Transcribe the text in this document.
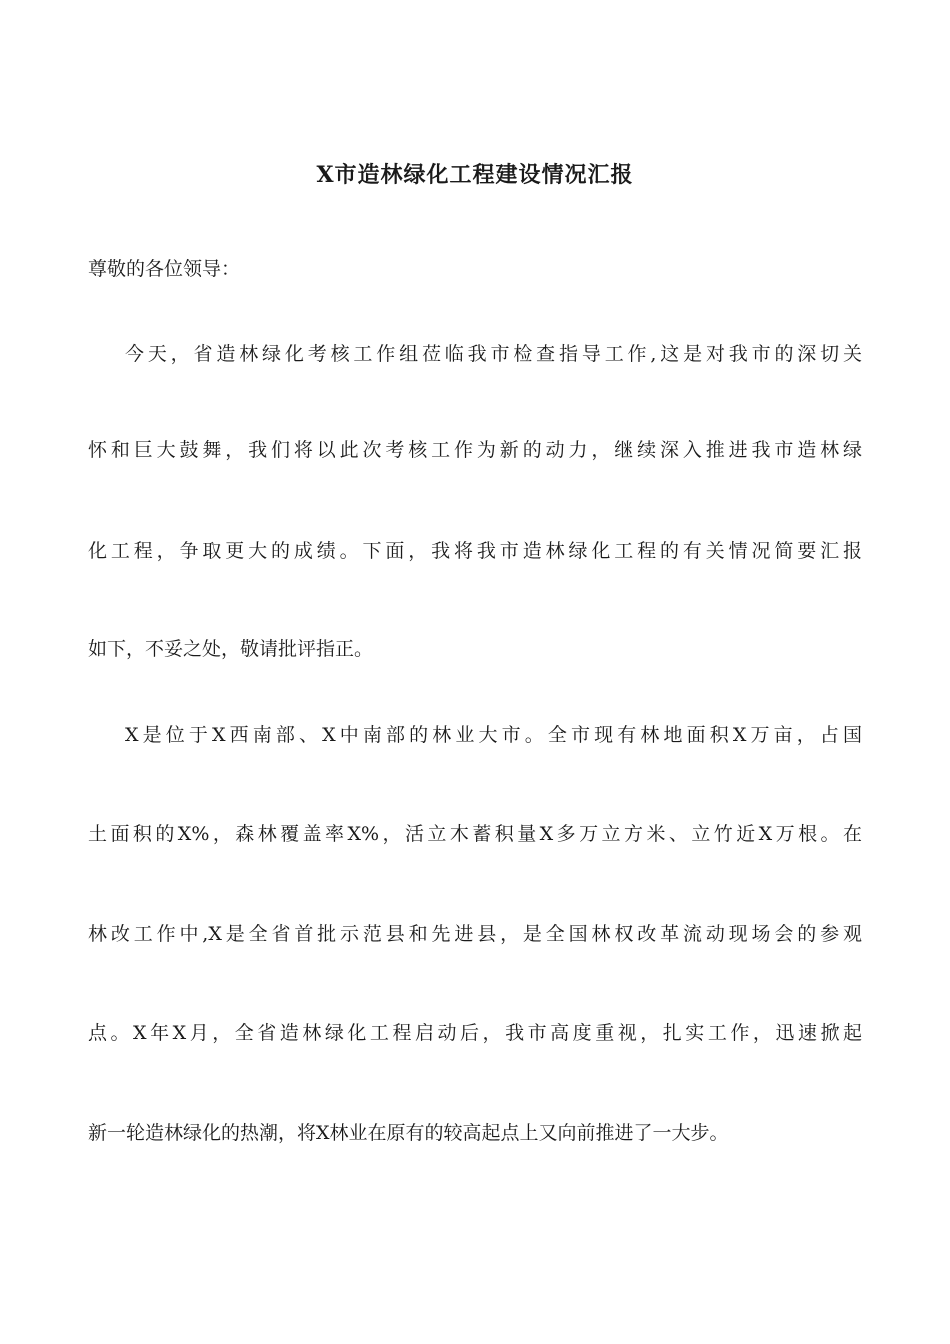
X市造林绿化工程建设情况汇报

尊敬的各位领导：

今天，省造林绿化考核工作组莅临我市检查指导工作,这是对我市的深切关

怀和巨大鼓舞，我们将以此次考核工作为新的动力，继续深入推进我市造林绿

化工程，争取更大的成绩。下面，我将我市造林绿化工程的有关情况简要汇报

如下，不妥之处，敬请批评指正。

X是位于X西南部、X中南部的林业大市。全市现有林地面积X万亩，占国

土面积的X%，森林覆盖率X%，活立木蓄积量X多万立方米、立竹近X万根。在

林改工作中,X是全省首批示范县和先进县，是全国林权改革流动现场会的参观

点。X年X月，全省造林绿化工程启动后，我市高度重视，扎实工作，迅速掀起

新一轮造林绿化的热潮，将X林业在原有的较高起点上又向前推进了一大步。
